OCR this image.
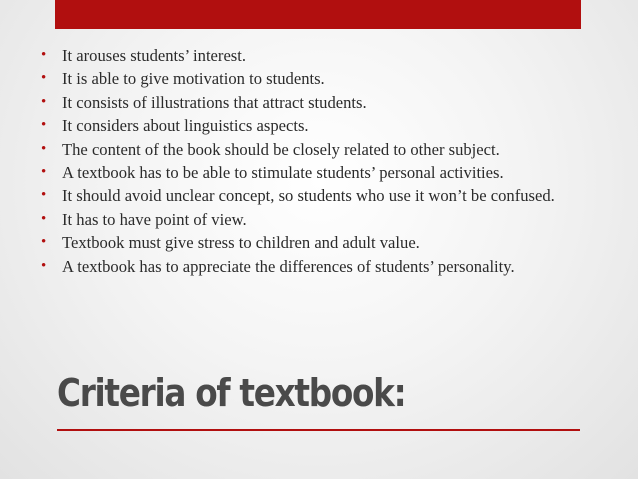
• It arouses students’ interest.
• It is able to give motivation to students.
• It consists of illustrations that attract students.
• It considers about linguistics aspects.
• The content of the book should be closely related to other subject.
• A textbook has to be able to stimulate students’ personal activities.
• It should avoid unclear concept, so students who use it won’t be confused.
• It has to have point of view.
• Textbook must give stress to children and adult value.
• A textbook has to appreciate the differences of students’ personality.
Criteria of textbook:
